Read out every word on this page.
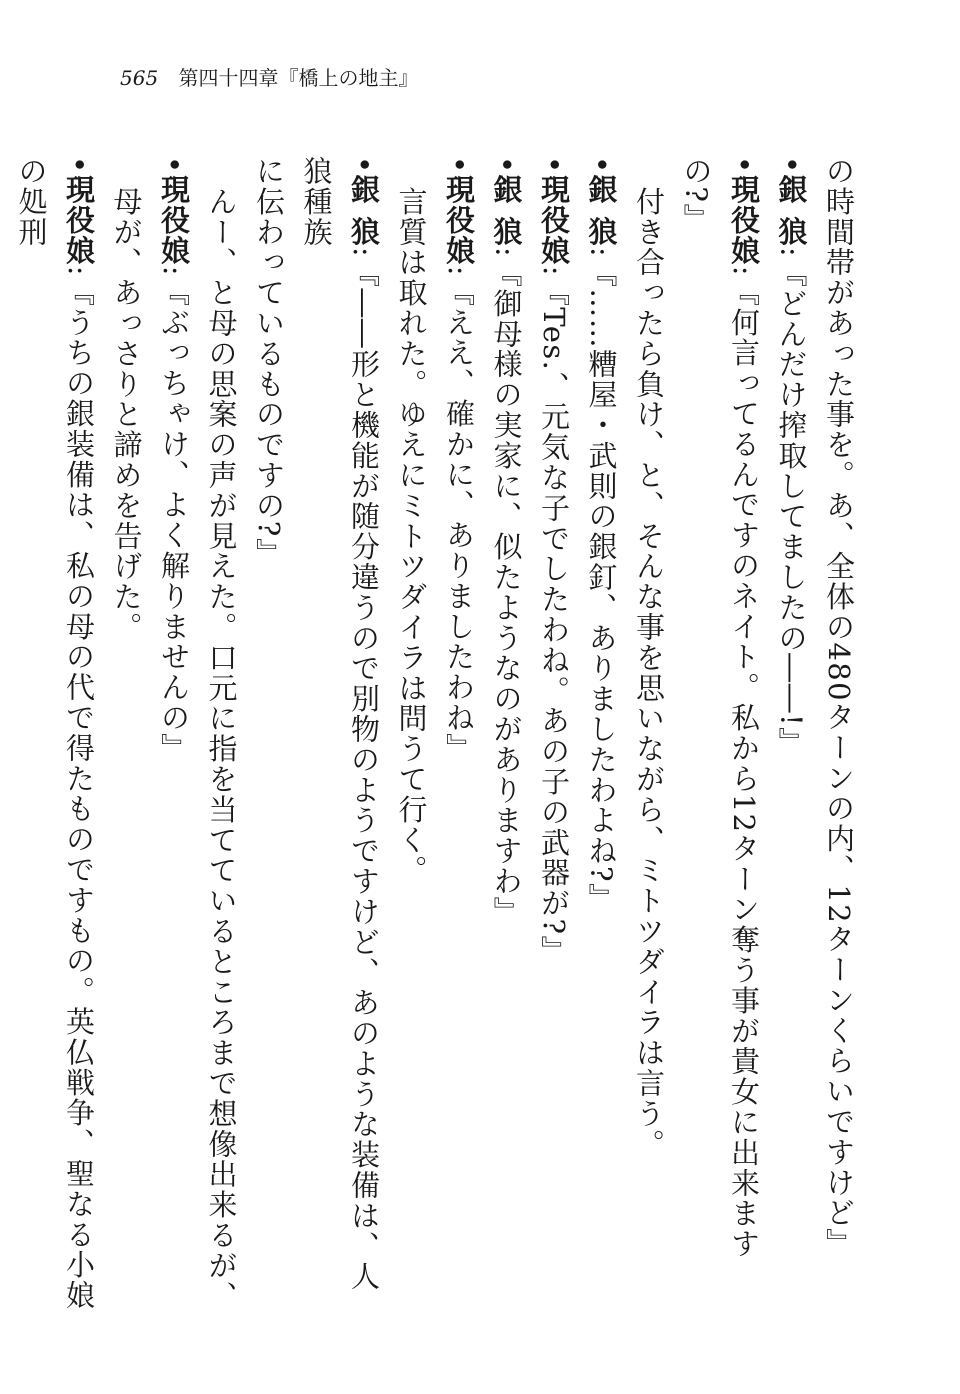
565 第四十四章『橋上の地主』

の時間帯があった事を。あ、全体の480ターンの内、12ターンくらいですけど』

•銀 狼:『どんだけ搾取してましたの――!』

•現役娘:『何言ってるんですのネイト。私から12ターン奪う事が貴女に出来ますの?』

　付き合ったら負け、と、そんな事を思いながら、ミトツダイラは言う。

•銀 狼:『……糟屋・武則の銀釘、ありましたわよね?』

•現役娘:『Tes.、元気な子でしたわね。あの子の武器が?』

•銀 狼:『御母様の実家に、似たようなのがありますわ』

•現役娘:『ええ、確かに、ありましたわね』

　言質は取れた。ゆえにミトツダイラは問うて行く。

•銀 狼:『――形と機能が随分違うので別物のようですけど、あのような装備は、人狼種族

に伝わっているものですの?』

　んー、と母の思案の声が見えた。口元に指を当てているところまで想像出来るが、

•現役娘:『ぶっちゃけ、よく解りませんの』

　母が、あっさりと諦めを告げた。

•現役娘:『うちの銀装備は、私の母の代で得たものですもの。英仏戦争、聖なる小娘の処刑
